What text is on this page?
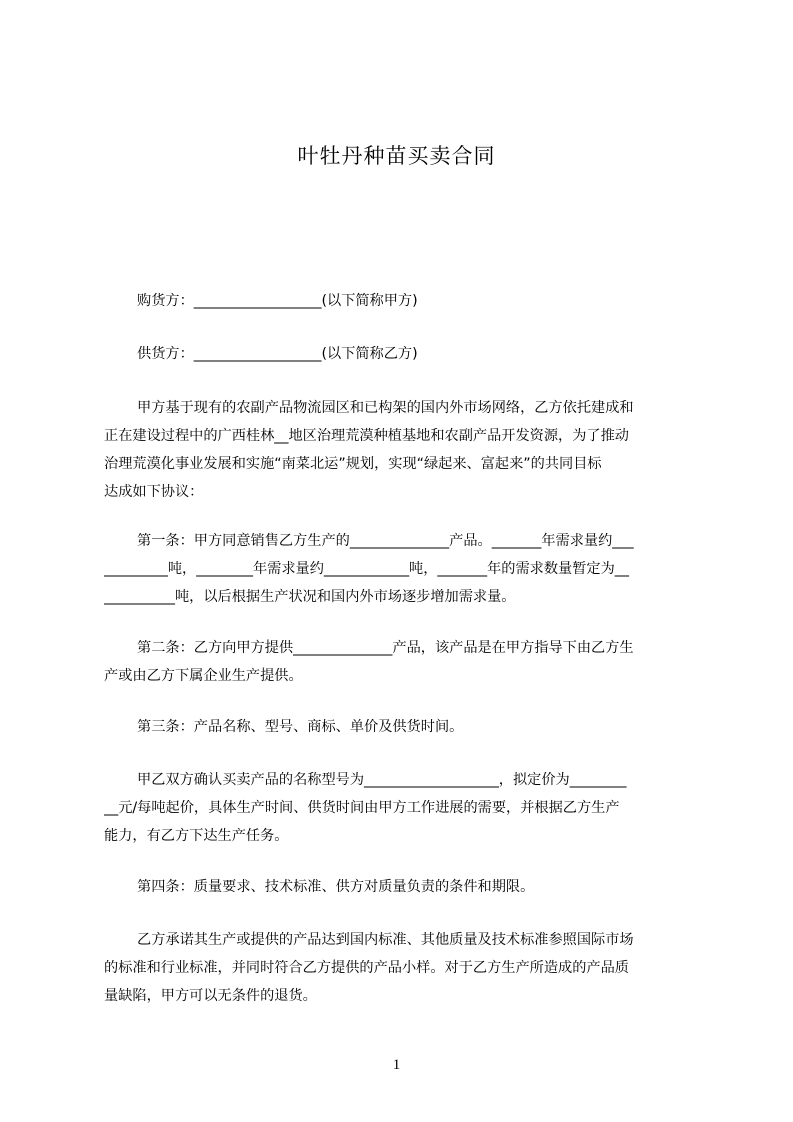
叶牡丹种苗买卖合同
购货方：__________________(以下简称甲方)
供货方：__________________(以下简称乙方)
甲方基于现有的农副产品物流园区和已构架的国内外市场网络，乙方依托建成和
正在建设过程中的广西桂林__地区治理荒漠种植基地和农副产品开发资源，为了推动
治理荒漠化事业发展和实施“南菜北运”规划，实现“绿起来、富起来”的共同目标
达成如下协议：
第一条：甲方同意销售乙方生产的______________产品。_______年需求量约___
_________吨，________年需求量约____________吨，_______年的需求数量暂定为__
__________吨，以后根据生产状况和国内外市场逐步增加需求量。
第二条：乙方向甲方提供______________产品，该产品是在甲方指导下由乙方生
产或由乙方下属企业生产提供。
第三条：产品名称、型号、商标、单价及供货时间。
甲乙双方确认买卖产品的名称型号为___________________，拟定价为________
__元/每吨起价，具体生产时间、供货时间由甲方工作进展的需要，并根据乙方生产
能力，有乙方下达生产任务。
第四条：质量要求、技术标准、供方对质量负责的条件和期限。
乙方承诺其生产或提供的产品达到国内标准、其他质量及技术标准参照国际市场
的标准和行业标准，并同时符合乙方提供的产品小样。对于乙方生产所造成的产品质
量缺陷，甲方可以无条件的退货。
1
